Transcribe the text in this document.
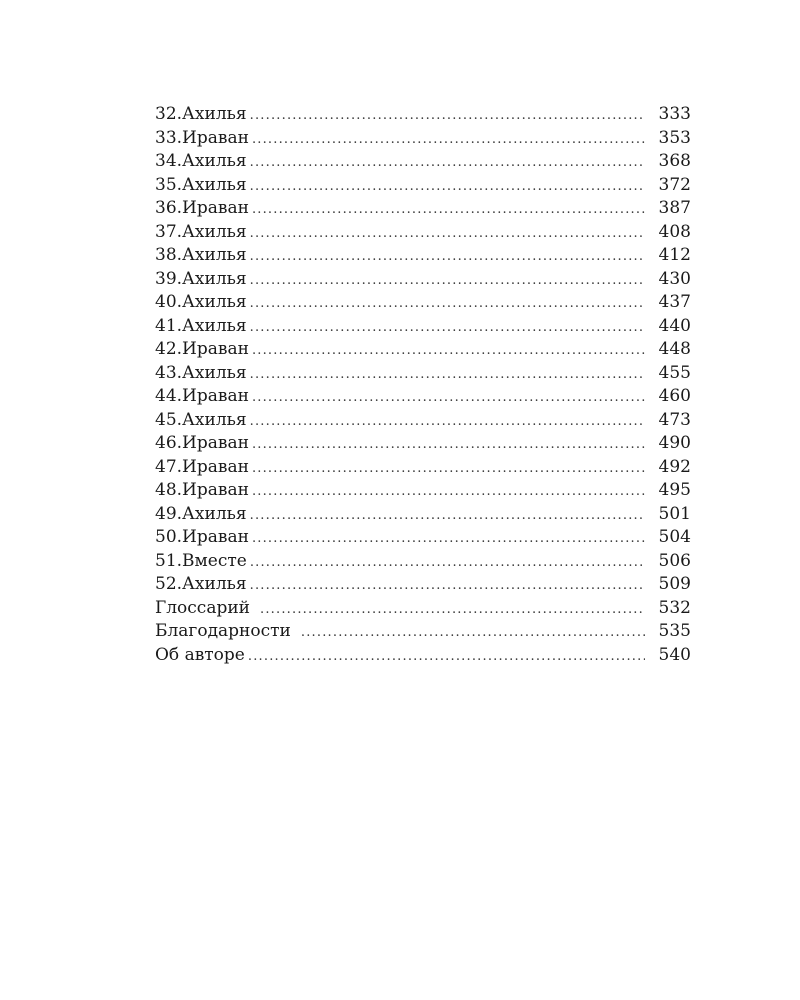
32. Ахилья .....	333
33. Ираван .....	353
34. Ахилья .....	368
35. Ахилья .....	372
36. Ираван .....	387
37. Ахилья .....	408
38. Ахилья .....	412
39. Ахилья .....	430
40. Ахилья .....	437
41. Ахилья .....	440
42. Ираван .....	448
43. Ахилья .....	455
44. Ираван .....	460
45. Ахилья .....	473
46. Ираван .....	490
47. Ираван .....	492
48. Ираван .....	495
49. Ахилья .....	501
50. Ираван .....	504
51. Вместе .....	506
52. Ахилья .....	509
Глоссарий .....	532
Благодарности .....	535
Об авторе .....	540
